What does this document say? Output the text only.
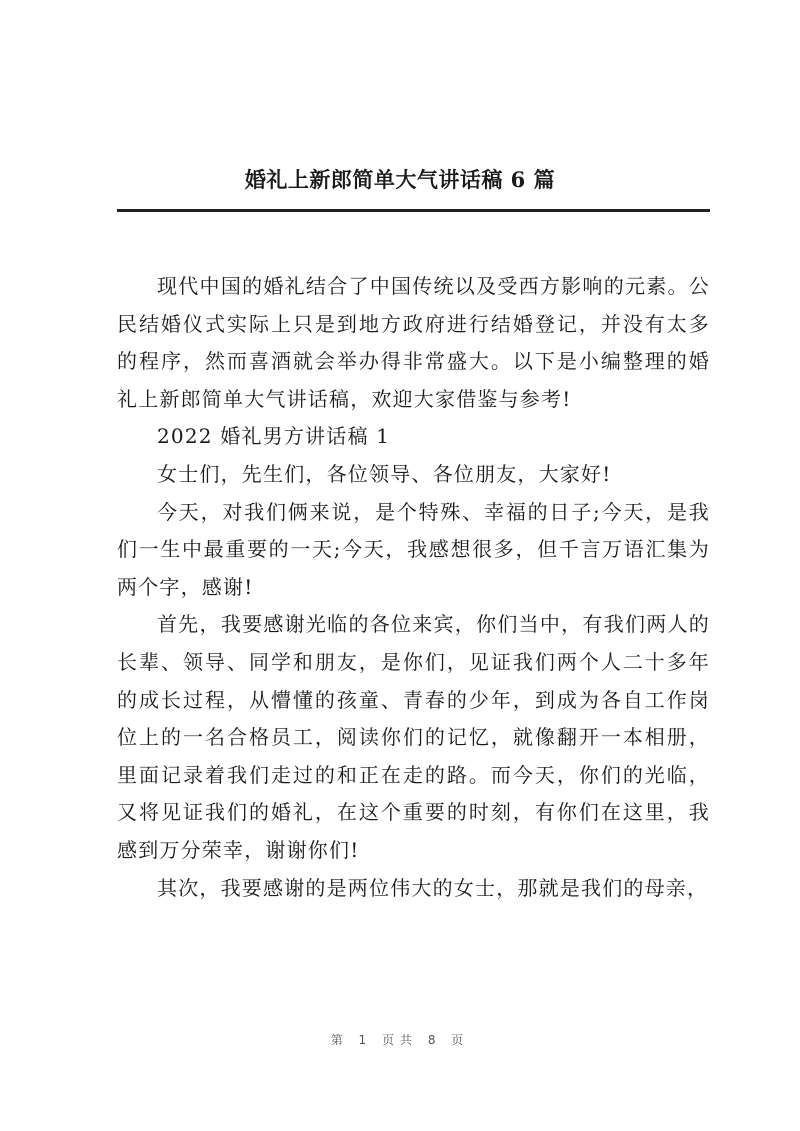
婚礼上新郎简单大气讲话稿 6 篇

现代中国的婚礼结合了中国传统以及受西方影响的元素。公民结婚仪式实际上只是到地方政府进行结婚登记，并没有太多的程序，然而喜酒就会举办得非常盛大。以下是小编整理的婚礼上新郎简单大气讲话稿，欢迎大家借鉴与参考!

2022 婚礼男方讲话稿 1

女士们，先生们，各位领导、各位朋友，大家好!

今天，对我们俩来说，是个特殊、幸福的日子;今天，是我们一生中最重要的一天;今天，我感想很多，但千言万语汇集为两个字，感谢!

首先，我要感谢光临的各位来宾，你们当中，有我们两人的长辈、领导、同学和朋友，是你们，见证我们两个人二十多年的成长过程，从懵懂的孩童、青春的少年，到成为各自工作岗位上的一名合格员工，阅读你们的记忆，就像翻开一本相册，里面记录着我们走过的和正在走的路。而今天，你们的光临，又将见证我们的婚礼，在这个重要的时刻，有你们在这里，我感到万分荣幸，谢谢你们!

其次，我要感谢的是两位伟大的女士，那就是我们的母亲，

第 1 页共 8 页
